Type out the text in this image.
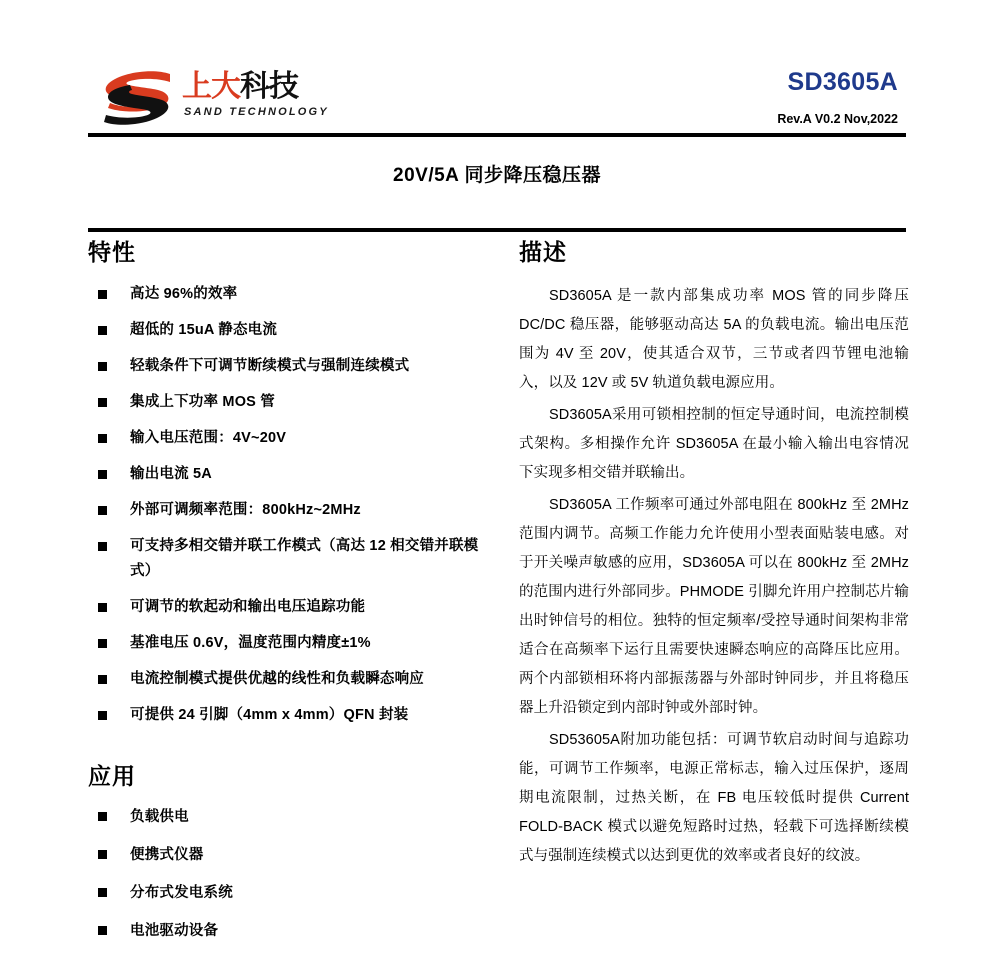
上大科技
SAND TECHNOLOGY
SD3605A
Rev.A V0.2 Nov,2022
20V/5A 同步降压稳压器
特性
高达 96%的效率
超低的 15uA 静态电流
轻载条件下可调节断续模式与强制连续模式
集成上下功率 MOS 管
输入电压范围：4V~20V
输出电流 5A
外部可调频率范围：800kHz~2MHz
可支持多相交错并联工作模式（高达 12 相交错并联模式）
可调节的软起动和输出电压追踪功能
基准电压 0.6V，温度范围内精度±1%
电流控制模式提供优越的线性和负载瞬态响应
可提供 24 引脚（4mm x 4mm）QFN 封装
应用
负载供电
便携式仪器
分布式发电系统
电池驱动设备
描述

SD3605A 是一款内部集成功率 MOS 管的同步降压 DC/DC 稳压器，能够驱动高达 5A 的负载电流。输出电压范围为 4V 至 20V，使其适合双节，三节或者四节锂电池输入，以及 12V 或 5V 轨道负载电源应用。

SD3605A采用可锁相控制的恒定导通时间，电流控制模式架构。多相操作允许 SD3605A 在最小输入输出电容情况下实现多相交错并联输出。

SD3605A 工作频率可通过外部电阻在 800kHz 至 2MHz 范围内调节。高频工作能力允许使用小型表面贴装电感。对于开关噪声敏感的应用，SD3605A 可以在 800kHz 至 2MHz 的范围内进行外部同步。PHMODE 引脚允许用户控制芯片输出时钟信号的相位。独特的恒定频率/受控导通时间架构非常适合在高频率下运行且需要快速瞬态响应的高降压比应用。两个内部锁相环将内部振荡器与外部时钟同步，并且将稳压器上升沿锁定到内部时钟或外部时钟。

SD53605A附加功能包括：可调节软启动时间与追踪功能，可调节工作频率，电源正常标志，输入过压保护，逐周期电流限制，过热关断，在 FB 电压较低时提供 Current FOLD-BACK 模式以避免短路时过热，轻载下可选择断续模式与强制连续模式以达到更优的效率或者良好的纹波。
